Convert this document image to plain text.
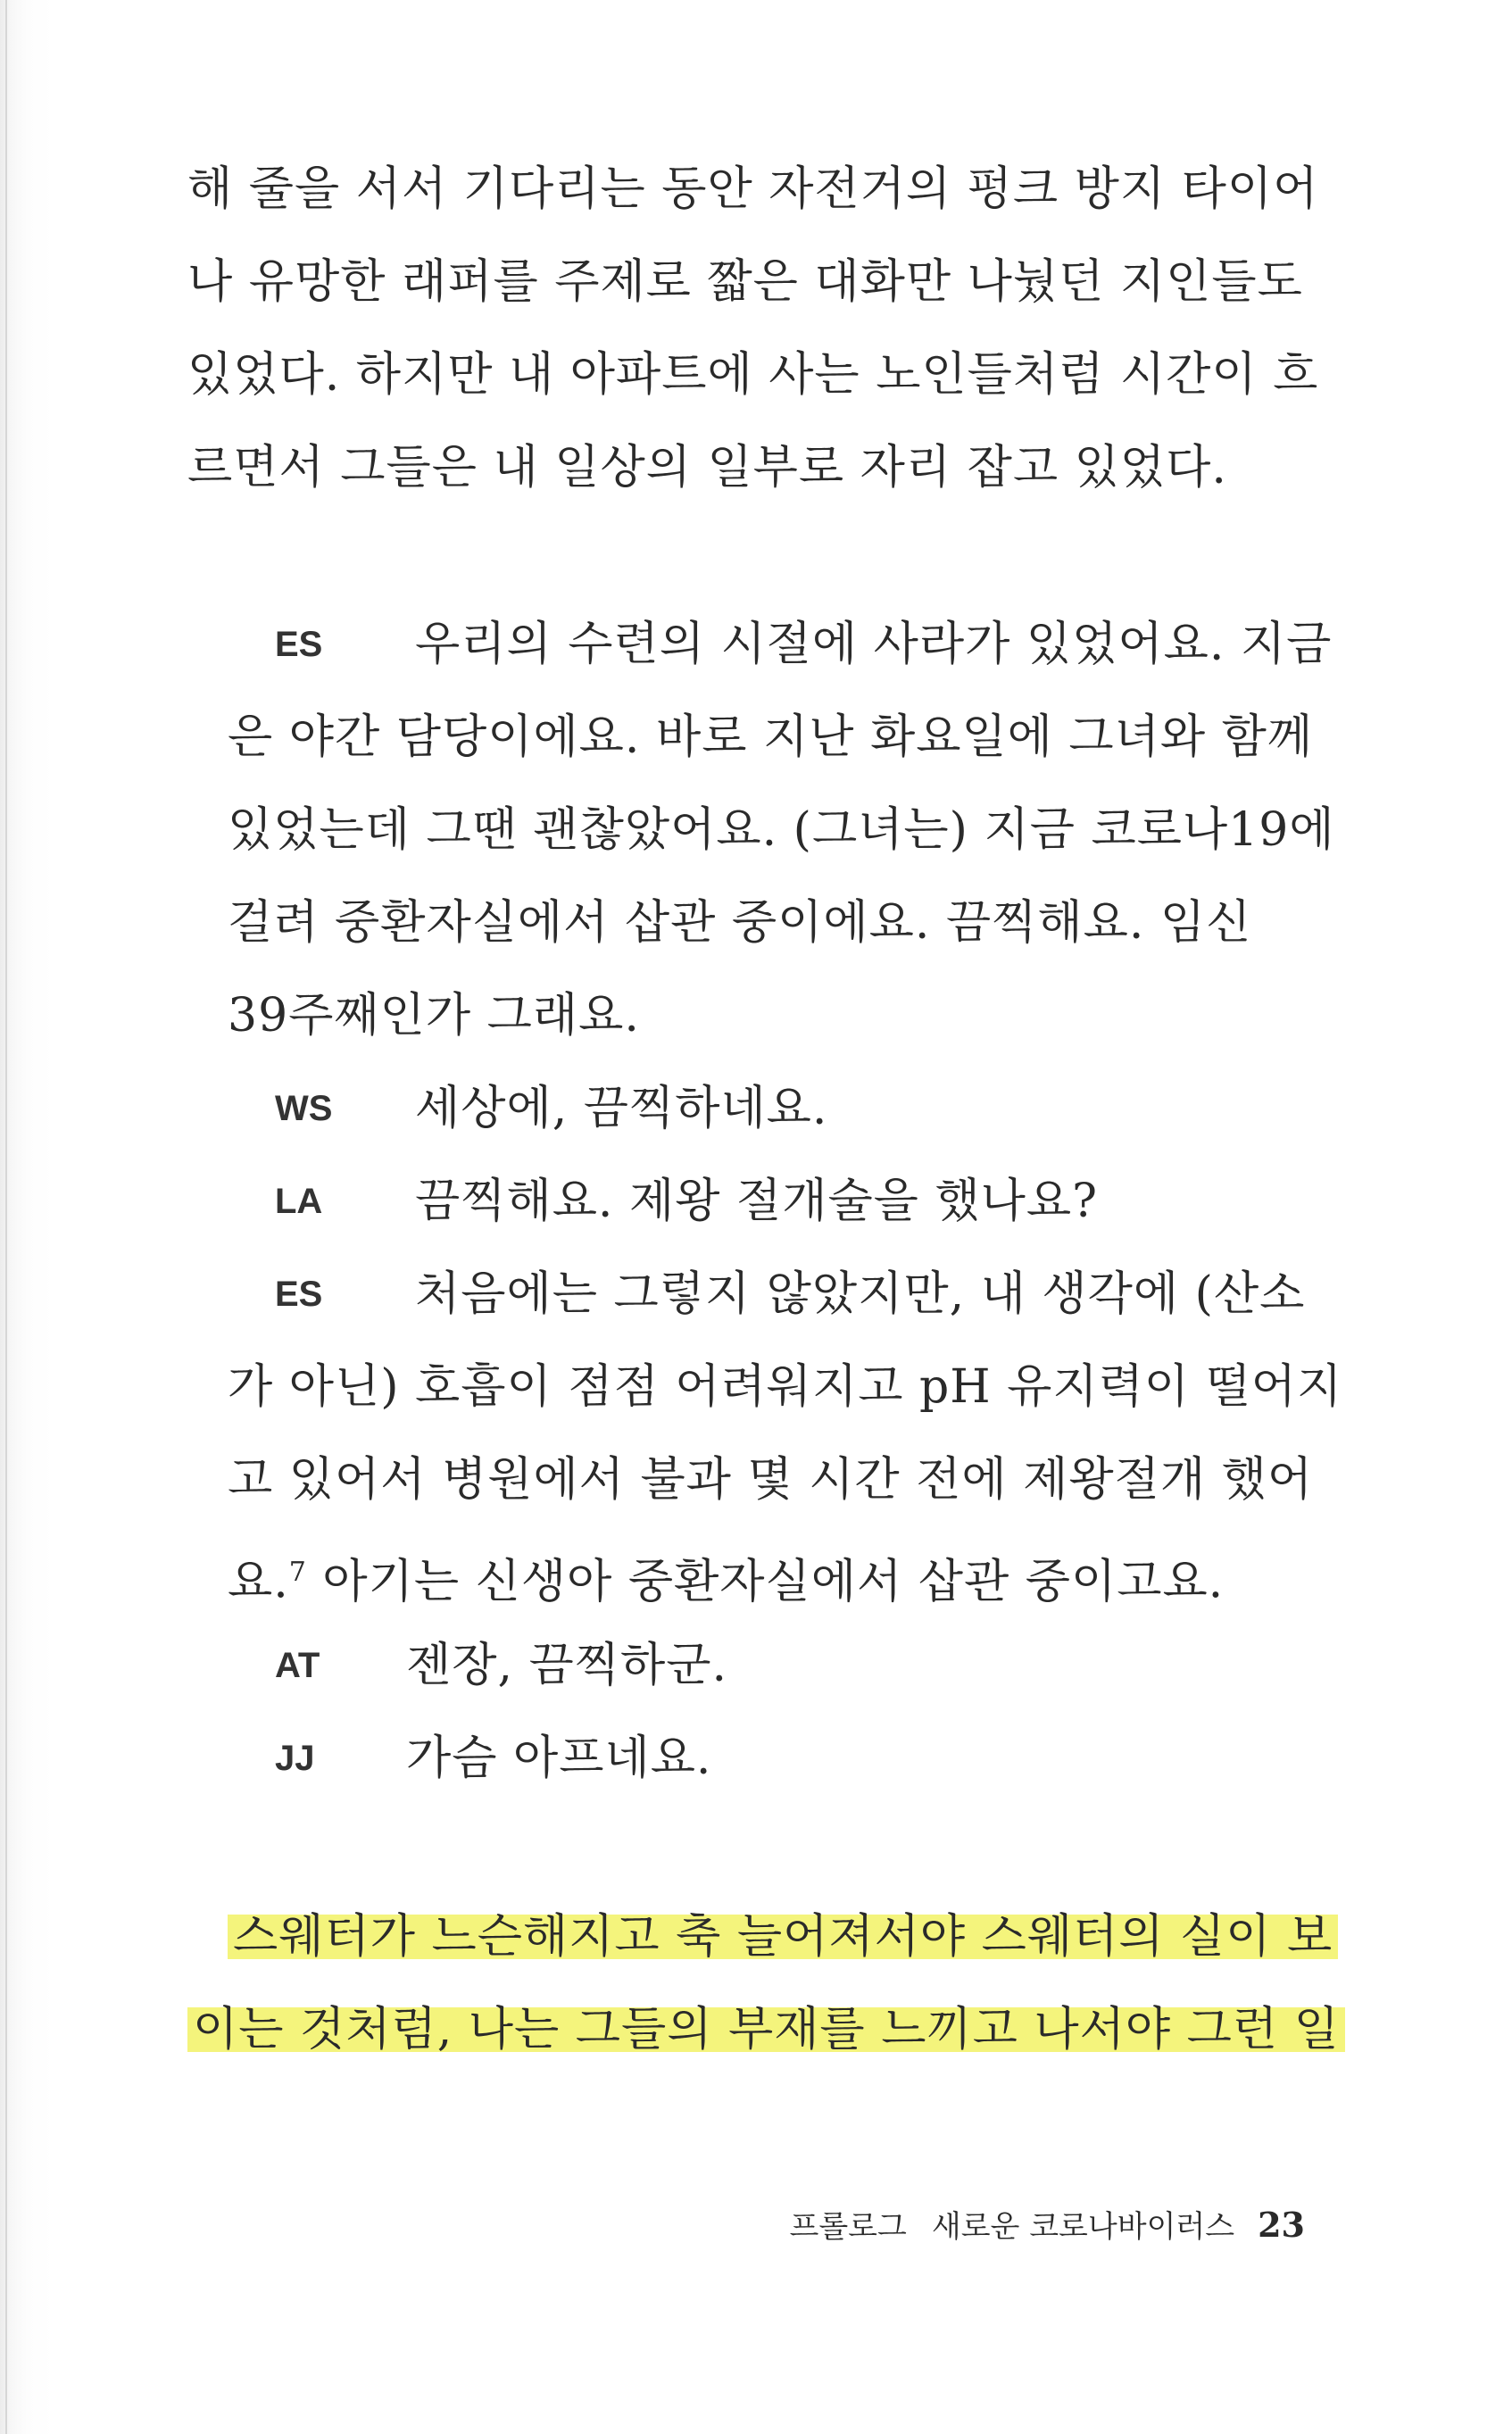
해 줄을 서서 기다리는 동안 자전거의 펑크 방지 타이어
나 유망한 래퍼를 주제로 짧은 대화만 나눴던 지인들도
있었다. 하지만 내 아파트에 사는 노인들처럼 시간이 흐
르면서 그들은 내 일상의 일부로 자리 잡고 있었다.
ES 우리의 수련의 시절에 사라가 있었어요. 지금
은 야간 담당이에요. 바로 지난 화요일에 그녀와 함께
있었는데 그땐 괜찮았어요. (그녀는) 지금 코로나19에
걸려 중환자실에서 삽관 중이에요. 끔찍해요. 임신
39주째인가 그래요.
WS 세상에, 끔찍하네요.
LA 끔찍해요. 제왕 절개술을 했나요?
ES 처음에는 그렇지 않았지만, 내 생각에 (산소
가 아닌) 호흡이 점점 어려워지고 pH 유지력이 떨어지
고 있어서 병원에서 불과 몇 시간 전에 제왕절개 했어
요.$^7$ 아기는 신생아 중환자실에서 삽관 중이고요.
AT 젠장, 끔찍하군.
JJ 가슴 아프네요.
스웨터가 느슨해지고 축 늘어져서야 스웨터의 실이 보
이는 것처럼, 나는 그들의 부재를 느끼고 나서야 그런 일
프롤로그 새로운 코로나바이러스 23
